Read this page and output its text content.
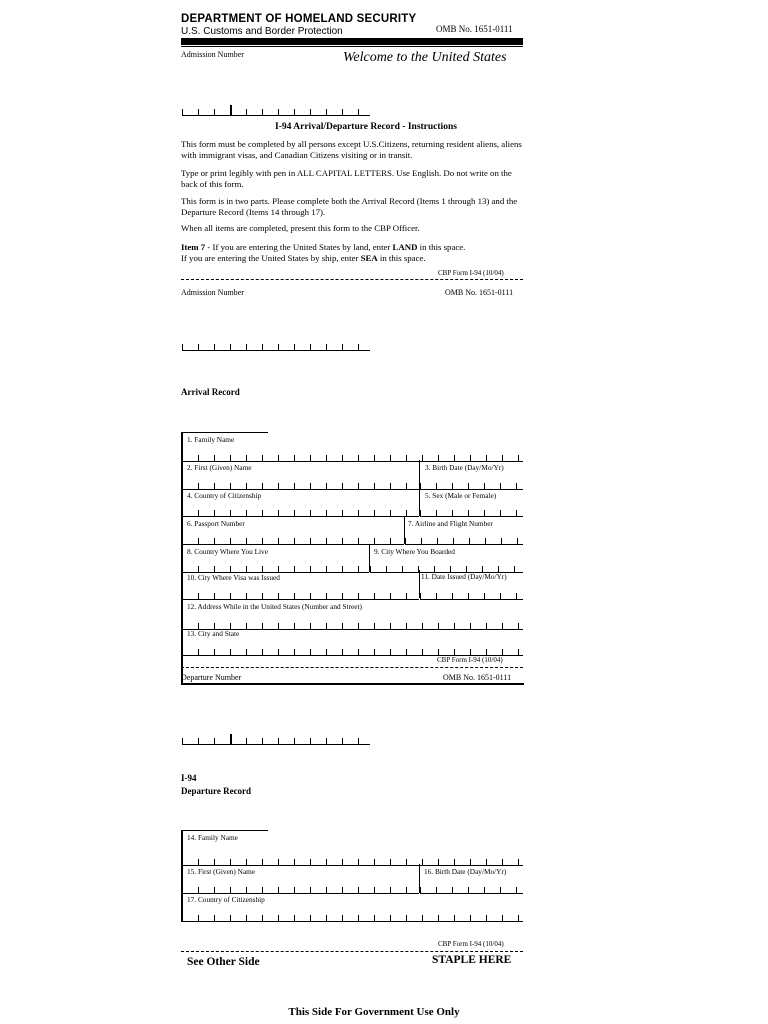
DEPARTMENT OF HOMELAND SECURITY
U.S. Customs and Border Protection	OMB No. 1651-0111
Admission Number	Welcome to the United States
I-94 Arrival/Departure Record - Instructions
This form must be completed by all persons except U.S.Citizens, returning resident aliens, aliens with immigrant visas, and Canadian Citizens visiting or in transit.
Type or print legibly with pen in ALL CAPITAL LETTERS. Use English. Do not write on the back of this form.
This form is in two parts. Please complete both the Arrival Record (Items 1 through 13) and the Departure Record (Items 14 through 17).
When all items are completed, present this form to the CBP Officer.
Item 7 - If you are entering the United States by land, enter LAND in this space.
If you are entering the United States by ship, enter SEA in this space.
CBP Form I-94 (10/04)
Admission Number	OMB No. 1651-0111
Arrival Record
1. Family Name
2. First (Given) Name	3. Birth Date (Day/Mo/Yr)
4. Country of Citizenship	5. Sex (Male or Female)
6. Passport Number	7. Airline and Flight Number
8. Country Where You Live	9. City Where You Boarded
10. City Where Visa was Issued	11. Date Issued (Day/Mo/Yr)
12. Address While in the United States (Number and Street)
13. City and State
CBP Form I-94 (10/04)
Departure Number	OMB No. 1651-0111
I-94
Departure Record
14. Family Name
15. First (Given) Name	16. Birth Date (Day/Mo/Yr)
17. Country of Citizenship
CBP Form I-94 (10/04)
See Other Side	STAPLE HERE
This Side For Government Use Only
